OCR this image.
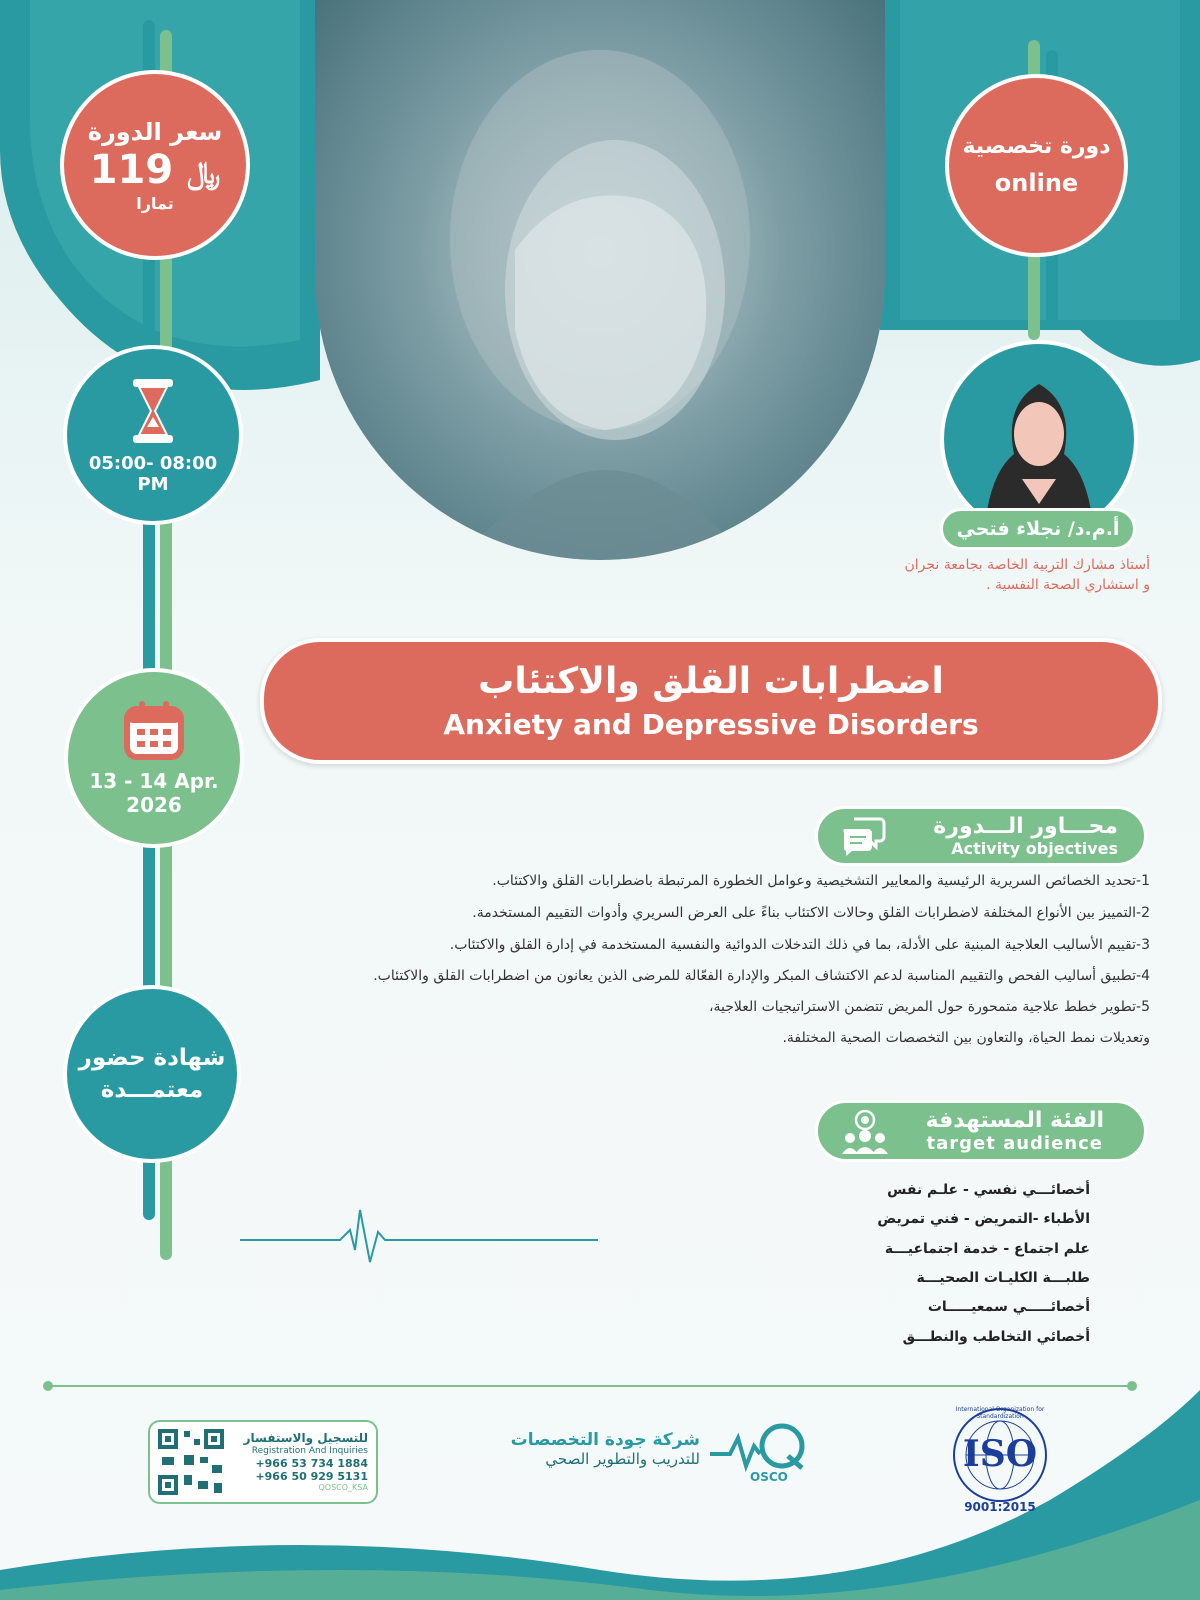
سعر الدورة
119 ﷼
تمارا
دورة تخصصية
online
05:00- 08:00
PM
13 - 14 Apr.
2026
شهادة حضور
معتمـــدة
أ.م.د/ نجلاء فتحي
أستاذ مشارك التربية الخاصة بجامعة نجران
و استشاري الصحة النفسية .
اضطرابات القلق والاكتئاب
Anxiety and Depressive Disorders
محـــاور الـــدورة
Activity objectives
1-تحديد الخصائص السريرية الرئيسية والمعايير التشخيصية وعوامل الخطورة المرتبطة باضطرابات القلق والاكتئاب.
2-التمييز بين الأنواع المختلفة لاضطرابات القلق وحالات الاكتئاب بناءً على العرض السريري وأدوات التقييم المستخدمة.
3-تقييم الأساليب العلاجية المبنية على الأدلة، بما في ذلك التدخلات الدوائية والنفسية المستخدمة في إدارة القلق والاكتئاب.
4-تطبيق أساليب الفحص والتقييم المناسبة لدعم الاكتشاف المبكر والإدارة الفعّالة للمرضى الذين يعانون من اضطرابات القلق والاكتئاب.
5-تطوير خطط علاجية متمحورة حول المريض تتضمن الاستراتيجيات العلاجية،
وتعديلات نمط الحياة، والتعاون بين التخصصات الصحية المختلفة.
الفئة المستهدفة
target audience
أخصائـــي نفسي - علـم نفس
الأطباء -التمريض - فني تمريض
علم اجتماع - خدمة اجتماعيـــة
طلبـــة الكليـات الصحيـــة
أخصائـــــي سمعيـــــات
أخصائي التخاطب والنطـــق
للتسجيل والاستفسار
Registration And Inquiries
+966 53 734 1884
+966 50 929 5131
QOSCO_KSA
شركة جودة التخصصات
للتدريب والتطوير الصحي
OSCO
ISO
International Organization for Standardization
9001:2015
